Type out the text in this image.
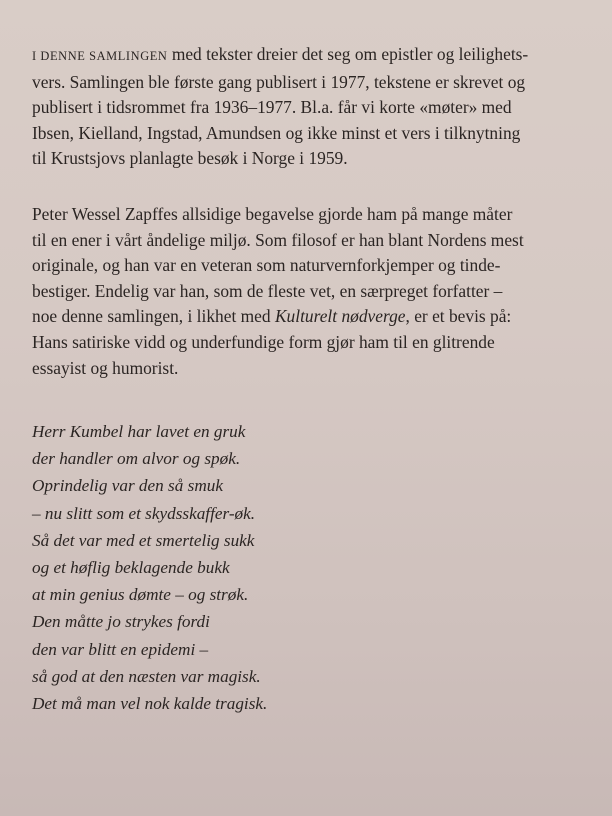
I DENNE SAMLINGEN med tekster dreier det seg om epistler og leilighets-
vers. Samlingen ble første gang publisert i 1977, tekstene er skrevet og
publisert i tidsrommet fra 1936–1977. Bl.a. får vi korte «møter» med
Ibsen, Kielland, Ingstad, Amundsen og ikke minst et vers i tilknytning
til Krustsjovs planlagte besøk i Norge i 1959.

Peter Wessel Zapffes allsidige begavelse gjorde ham på mange måter
til en ener i vårt åndelige miljø. Som filosof er han blant Nordens mest
originale, og han var en veteran som naturvernforkjemper og tinde-
bestiger. Endelig var han, som de fleste vet, en særpreget forfatter –
noe denne samlingen, i likhet med Kulturelt nødverge, er et bevis på:
Hans satiriske vidd og underfundige form gjør ham til en glitrende
essayist og humorist.

Herr Kumbel har lavet en gruk
der handler om alvor og spøk.
Oprindelig var den så smuk
– nu slitt som et skydsskaffer-øk.
Så det var med et smertelig sukk
og et høflig beklagende bukk
at min genius dømte – og strøk.
Den måtte jo strykes fordi
den var blitt en epidemi –
så god at den næsten var magisk.
Det må man vel nok kalde tragisk.
